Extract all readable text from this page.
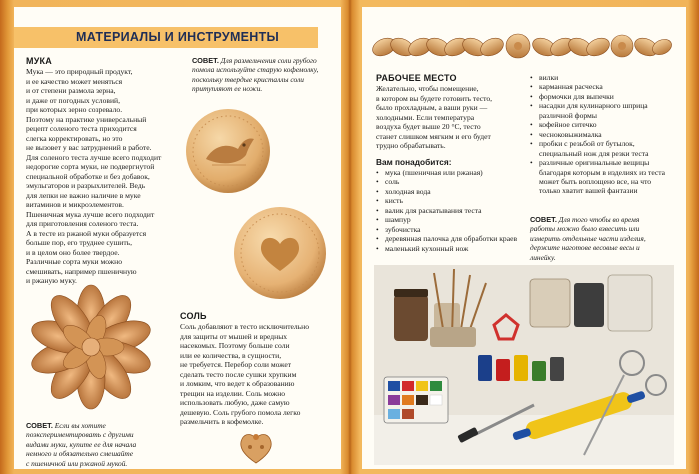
МАТЕРИАЛЫ И ИНСТРУМЕНТЫ
МУКА

Мука — это природный продукт,

и ее качество может меняться

и от степени размола зерна,

и даже от погодных условий,

при которых зерно созревало.

Поэтому на практике универсальный

рецепт соленого теста приходится

слегка корректировать, но это

не вызовет у вас затруднений в работе.

Для соленого теста лучше всего подходит

недорогие сорта муки, не подвергнутой

специальной обработке и без добавок,

эмульгаторов и разрыхлителей. Ведь

для лепки не важно наличие в муке

витаминов и микроэлементов.

Пшеничная мука лучше всего подходит

для приготовления соленого теста.

А в тесте из ржаной муки образуется

больше пор, его труднее сушить,

и в целом оно более твердое.

Различные сорта муки можно

смешивать, например пшеничную

и ржаную муку.

СОВЕТ. Для размельчения соли грубого
помола используйте старую кофемолку,
поскольку твердые кристаллы соли
притупляют ее ножи.
СОЛЬ

Соль добавляют в тесто исключительно

для защиты от мышей и вредных

насекомых. Поэтому больше соли

или ее количества, в сущности,

не требуется. Перебор соли может

сделать тесто после сушки хрупким

и ломким, что ведет к образованию

трещин на изделии. Соль можно

использовать любую, даже самую

дешевую. Соль грубого помола легко

размельчить в кофемолке.

СОВЕТ. Если вы хотите
поэкспериментировать с другими
видами муки, купите ее для начала
немного и обязательно смешайте
с пшеничной или ржаной мукой.
РАБОЧЕЕ МЕСТО

Желательно, чтобы помещение,

в котором вы будете готовить тесто,

было прохладным, а ваши руки —

холодными. Если температура

воздуха будет выше 20 °С, тесто

станет слишком мягким и его будет

трудно обрабатывать.

Вам понадобится:
• мука (пшеничная или ржаная)
• соль
• холодная вода
• кисть
• валик для раскатывания теста
• шампур
• зубочистка
• деревянная палочка для обработки краев
• маленький кухонный нож
• вилки
• карманная расческа
• формочки для выпечки
• насадки для кулинарного шприца различной формы
• кофейное ситечко
• чесноковыжималка
• пробки с резьбой от бутылок, специальный нож для резки теста
• различные оригинальные вещицы благодаря которым в изделиях из теста может быть воплощено все, на что только хватит вашей фантазии
СОВЕТ. Для того чтобы во время
работы можно было взвесить или
измерить отдельные части изделия,
держите наготове весовые весы и
линейку.
